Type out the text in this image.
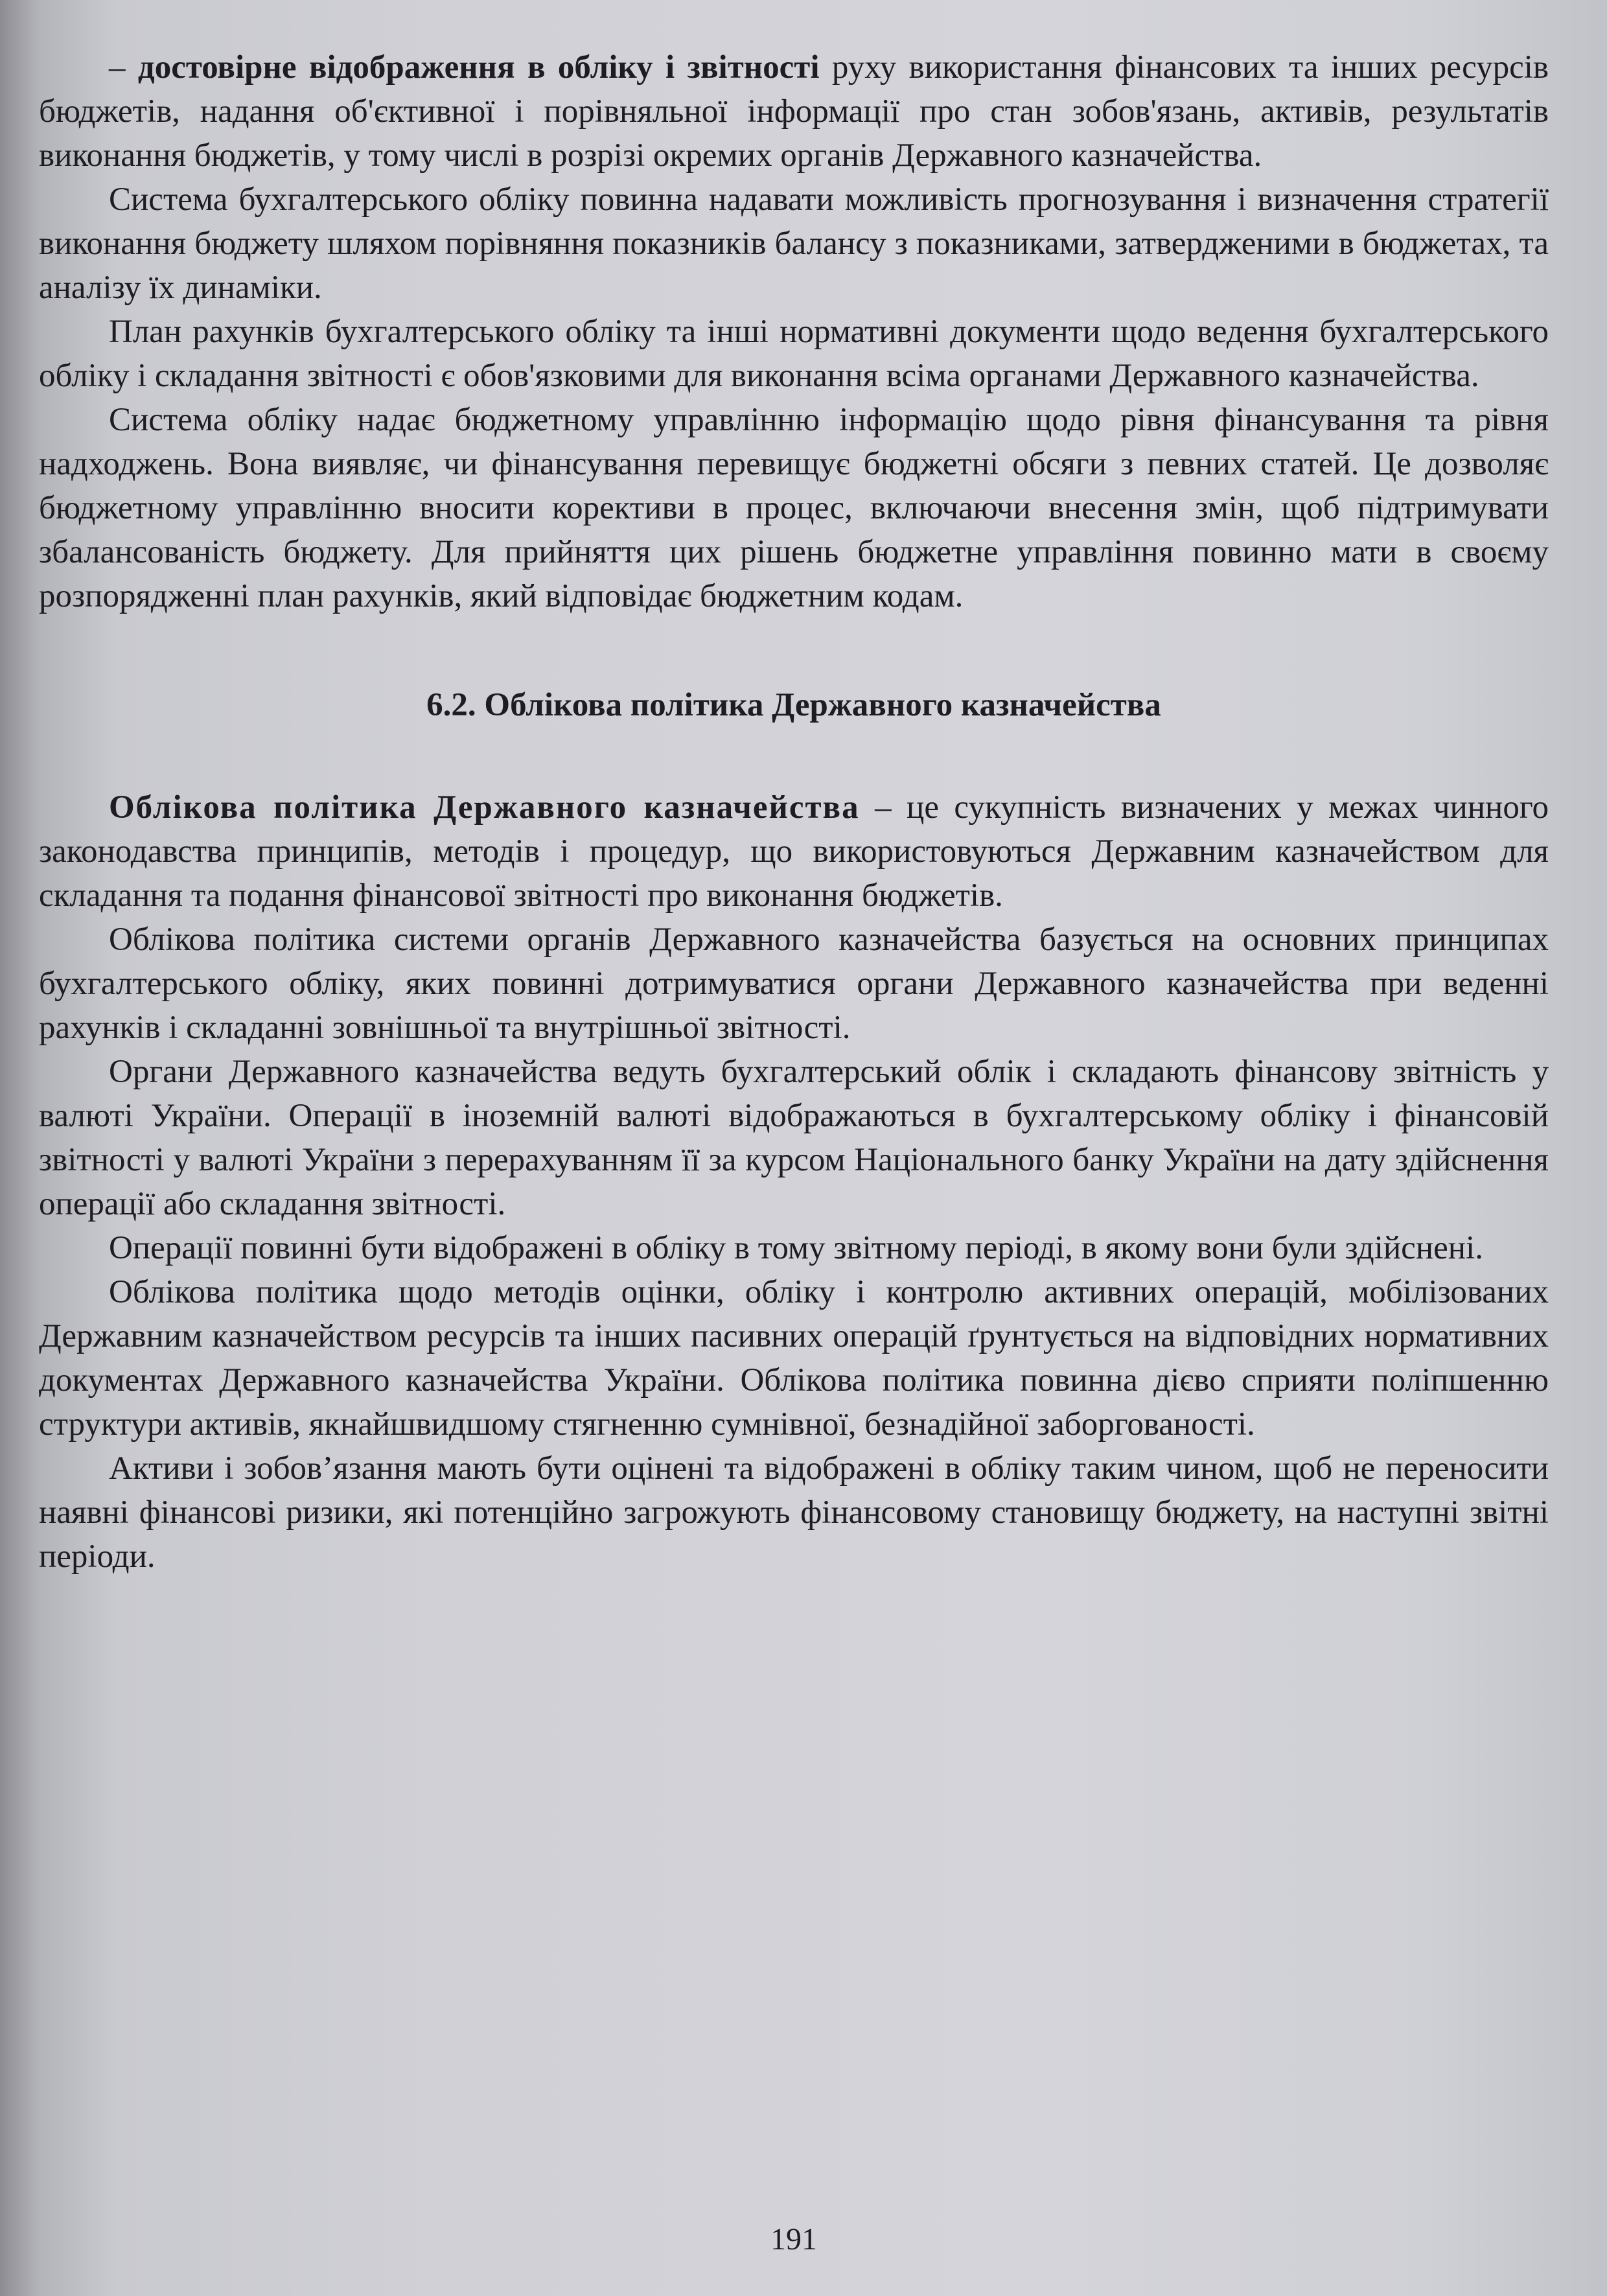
– достовірне відображення в обліку і звітності руху використання фінансових та інших ресурсів бюджетів, надання об'єктивної і порівняльної інформації про стан зобов'язань, активів, результатів виконання бюджетів, у тому числі в розрізі окремих органів Державного казначейства.

Система бухгалтерського обліку повинна надавати можливість прогнозування і визначення стратегії виконання бюджету шляхом порівняння показників балансу з показниками, затвердженими в бюджетах, та аналізу їх динаміки.

План рахунків бухгалтерського обліку та інші нормативні документи щодо ведення бухгалтерського обліку і складання звітності є обов'язковими для виконання всіма органами Державного казначейства.

Система обліку надає бюджетному управлінню інформацію щодо рівня фінансування та рівня надходжень. Вона виявляє, чи фінансування перевищує бюджетні обсяги з певних статей. Це дозволяє бюджетному управлінню вносити корективи в процес, включаючи внесення змін, щоб підтримувати збалансованість бюджету. Для прийняття цих рішень бюджетне управління повинно мати в своєму розпорядженні план рахунків, який відповідає бюджетним кодам.

6.2. Облікова політика Державного казначейства

Облікова політика Державного казначейства – це сукупність визначених у межах чинного законодавства принципів, методів і процедур, що використовуються Державним казначейством для складання та подання фінансової звітності про виконання бюджетів.

Облікова політика системи органів Державного казначейства базується на основних принципах бухгалтерського обліку, яких повинні дотримуватися органи Державного казначейства при веденні рахунків і складанні зовнішньої та внутрішньої звітності.

Органи Державного казначейства ведуть бухгалтерський облік і складають фінансову звітність у валюті України. Операції в іноземній валюті відображаються в бухгалтерському обліку і фінансовій звітності у валюті України з перерахуванням її за курсом Національного банку України на дату здійснення операції або складання звітності.

Операції повинні бути відображені в обліку в тому звітному періоді, в якому вони були здійснені.

Облікова політика щодо методів оцінки, обліку і контролю активних операцій, мобілізованих Державним казначейством ресурсів та інших пасивних операцій ґрунтується на відповідних нормативних документах Державного казначейства України. Облікова політика повинна дієво сприяти поліпшенню структури активів, якнайшвидшому стягненню сумнівної, безнадійної заборгованості.

Активи і зобов’язання мають бути оцінені та відображені в обліку таким чином, щоб не переносити наявні фінансові ризики, які потенційно загрожують фінансовому становищу бюджету, на наступні звітні періоди.

191
